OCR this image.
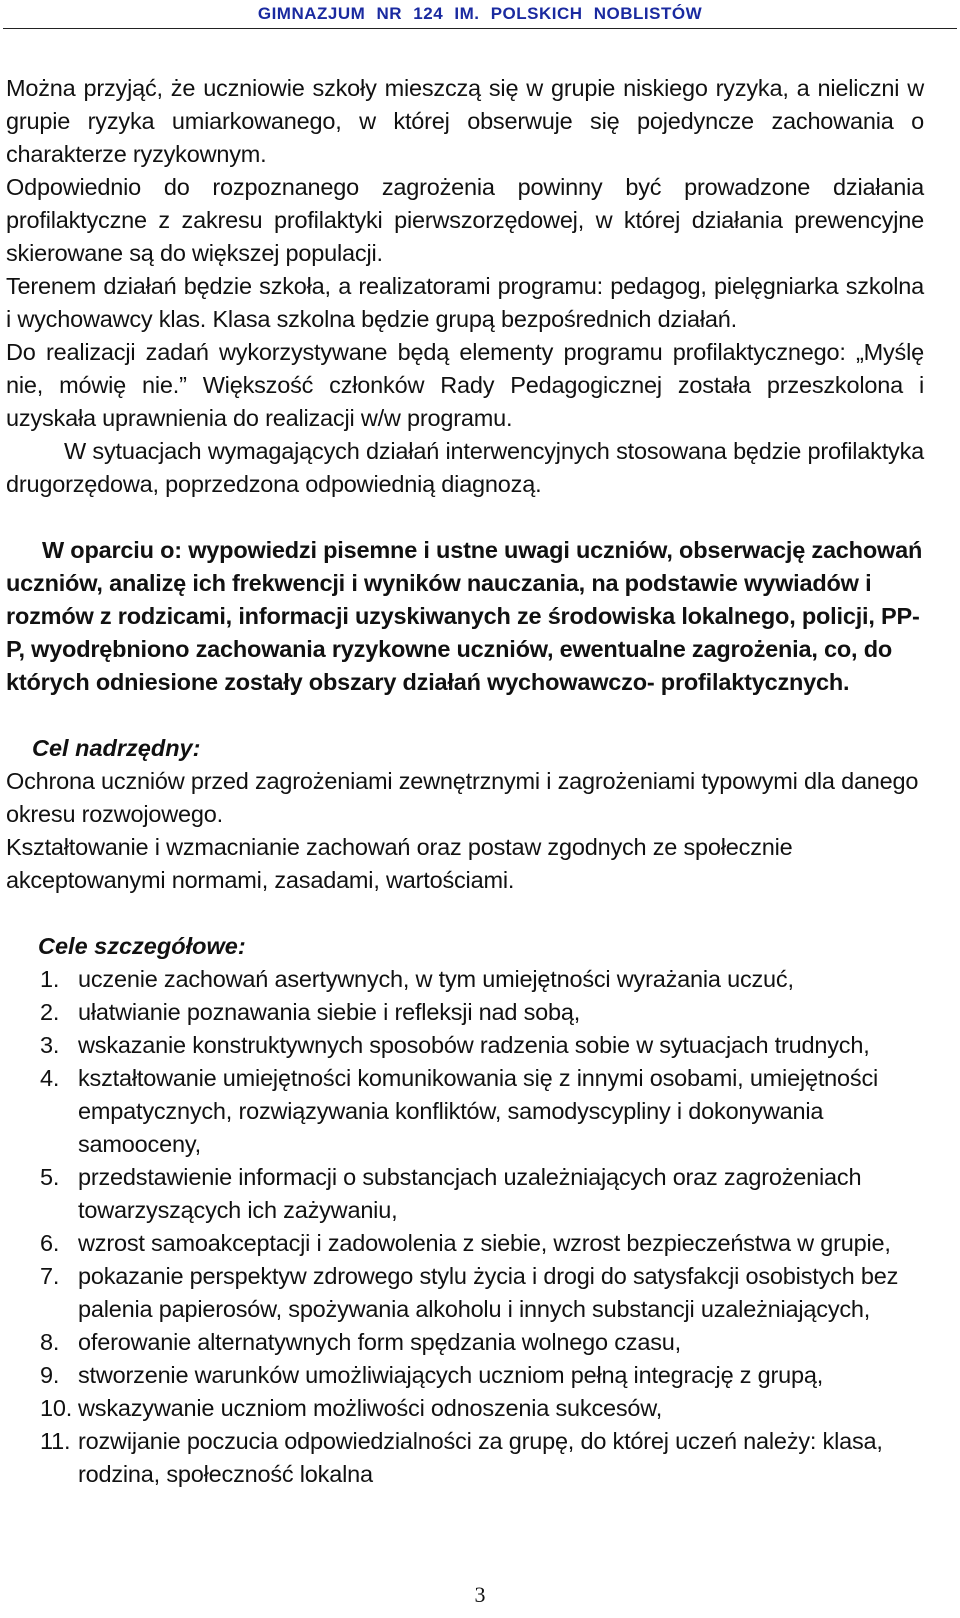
GIMNAZJUM NR 124 IM. POLSKICH NOBLISTÓW

Można przyjąć, że uczniowie szkoły mieszczą się w grupie niskiego ryzyka, a nieliczni w grupie ryzyka umiarkowanego, w której obserwuje się pojedyncze zachowania o charakterze ryzykownym.

Odpowiednio do rozpoznanego zagrożenia powinny być prowadzone działania profilaktyczne z zakresu profilaktyki pierwszorzędowej, w której działania prewencyjne skierowane są do większej populacji.

Terenem działań będzie szkoła, a realizatorami programu: pedagog, pielęgniarka szkolna i wychowawcy klas. Klasa szkolna będzie grupą bezpośrednich działań.

Do realizacji zadań wykorzystywane będą elementy programu profilaktycznego: „Myślę nie, mówię nie.” Większość członków Rady Pedagogicznej została przeszkolona i uzyskała uprawnienia do realizacji w/w programu.

W sytuacjach wymagających działań interwencyjnych stosowana będzie profilaktyka drugorzędowa, poprzedzona odpowiednią diagnozą.

W oparciu o: wypowiedzi pisemne i ustne uwagi uczniów, obserwację zachowań uczniów, analizę ich frekwencji i wyników nauczania, na podstawie wywiadów i rozmów z rodzicami, informacji uzyskiwanych ze środowiska lokalnego, policji, PP-P, wyodrębniono zachowania ryzykowne uczniów, ewentualne zagrożenia, co, do których odniesione zostały obszary działań wychowawczo- profilaktycznych.

Cel nadrzędny:

Ochrona uczniów przed zagrożeniami zewnętrznymi i zagrożeniami typowymi dla danego okresu rozwojowego.

Kształtowanie i wzmacnianie zachowań oraz postaw zgodnych ze społecznie akceptowanymi normami, zasadami, wartościami.

Cele szczegółowe:

1. uczenie zachowań asertywnych, w tym umiejętności wyrażania uczuć,
2. ułatwianie poznawania siebie i refleksji nad sobą,
3. wskazanie konstruktywnych sposobów radzenia sobie w sytuacjach trudnych,
4. kształtowanie umiejętności komunikowania się z innymi osobami, umiejętności empatycznych, rozwiązywania konfliktów, samodyscypliny i dokonywania samooceny,
5. przedstawienie informacji o substancjach uzależniających oraz zagrożeniach towarzyszących ich zażywaniu,
6. wzrost samoakceptacji i zadowolenia z siebie, wzrost bezpieczeństwa w grupie,
7. pokazanie perspektyw zdrowego stylu życia i drogi do satysfakcji osobistych bez palenia papierosów, spożywania alkoholu i innych substancji uzależniających,
8. oferowanie alternatywnych form spędzania wolnego czasu,
9. stworzenie warunków umożliwiających uczniom pełną integrację z grupą,
10. wskazywanie uczniom możliwości odnoszenia sukcesów,
11. rozwijanie poczucia odpowiedzialności za grupę, do której uczeń należy: klasa, rodzina, społeczność lokalna
3
